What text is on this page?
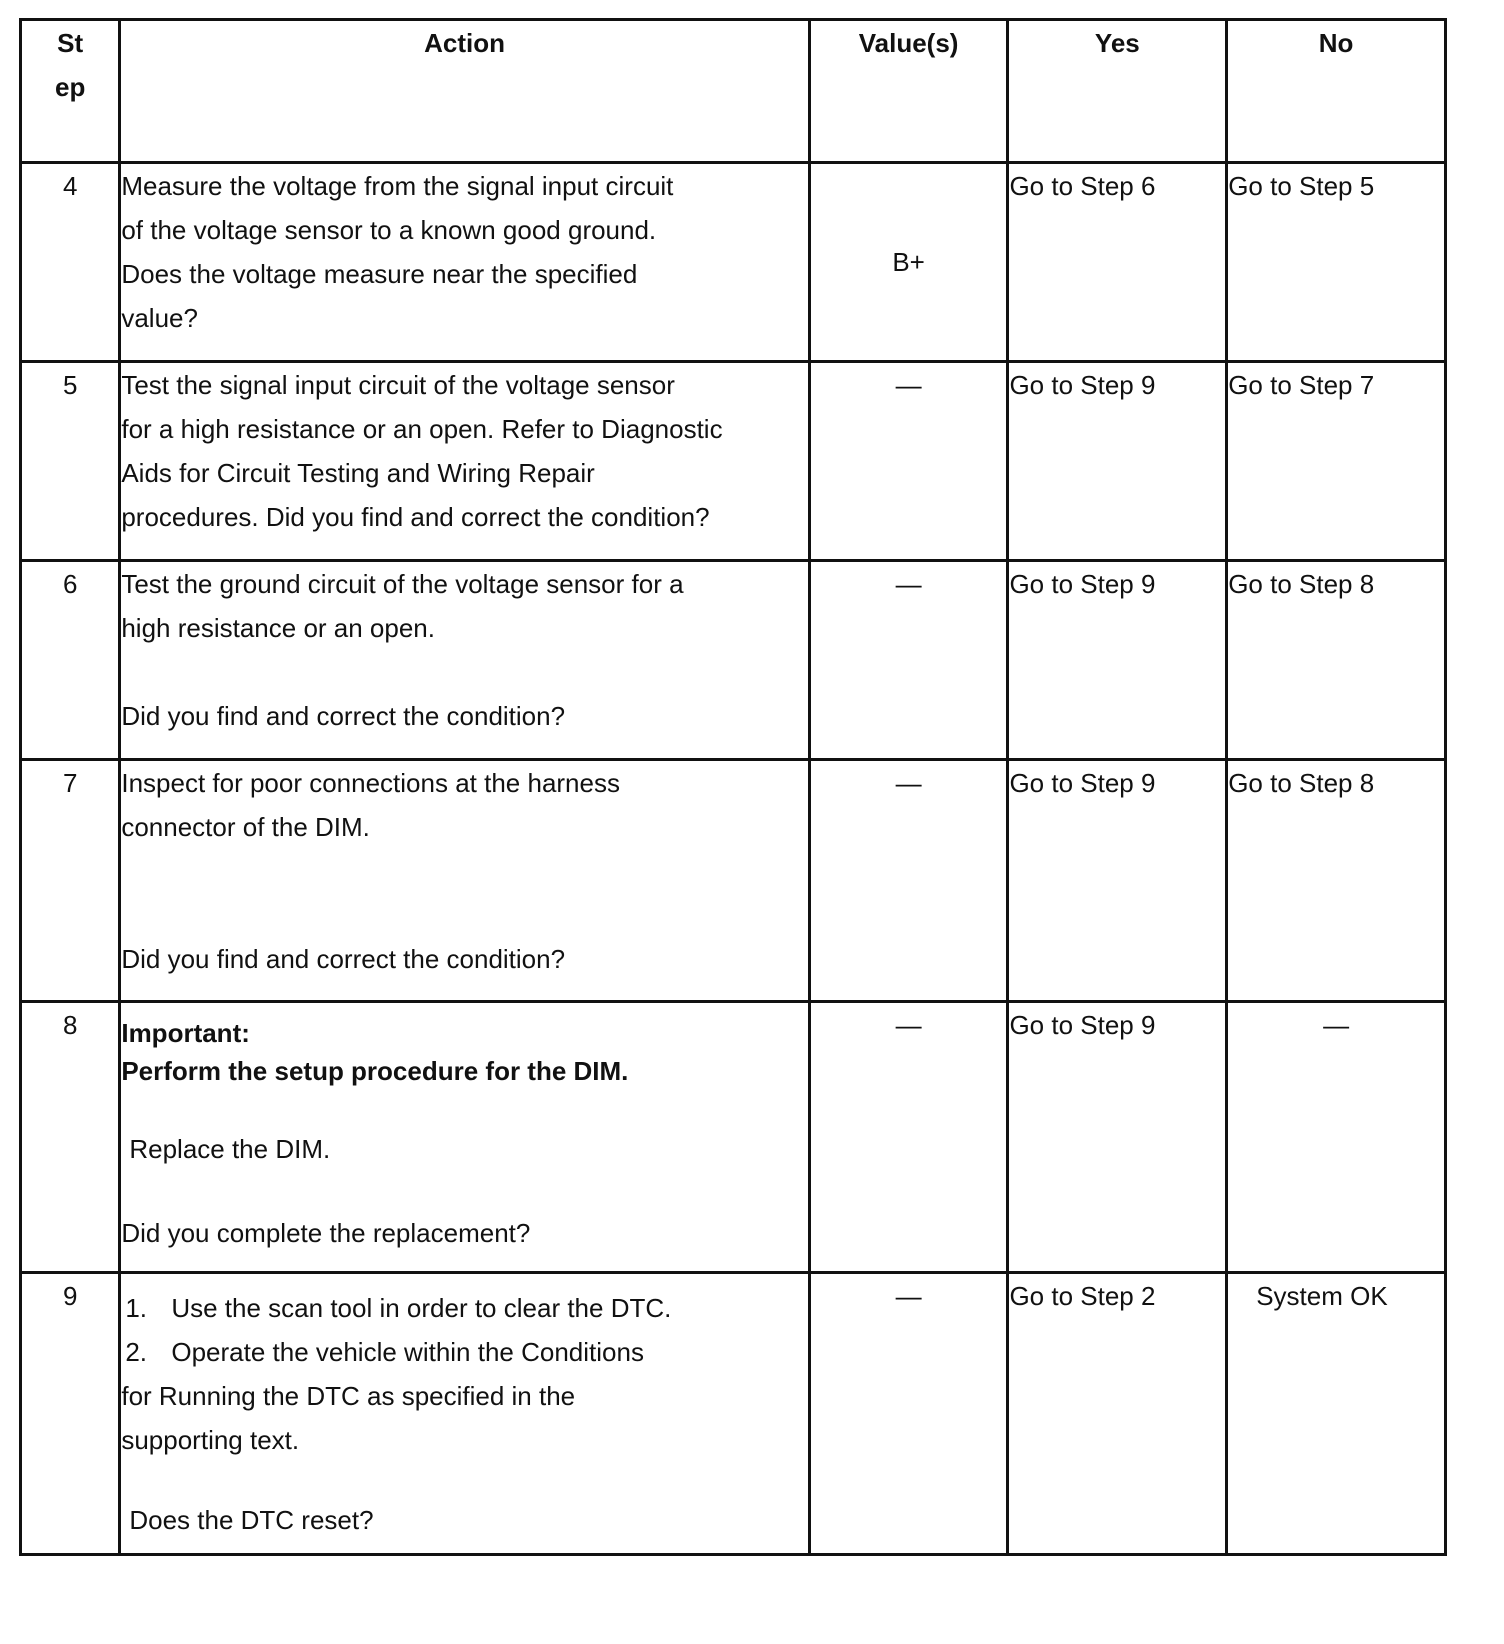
St
ep	Action	Value(s)	Yes	No
4	Measure the voltage from the signal input circuit
of the voltage sensor to a known good ground.
Does the voltage measure near the specified
value?	B+	Go to Step 6	Go to Step 5
5	Test the signal input circuit of the voltage sensor
for a high resistance or an open. Refer to Diagnostic
Aids for Circuit Testing and Wiring Repair
procedures. Did you find and correct the condition?	—	Go to Step 9	Go to Step 7
6	Test the ground circuit of the voltage sensor for a
high resistance or an open.
Did you find and correct the condition?	—	Go to Step 9	Go to Step 8
7	Inspect for poor connections at the harness
connector of the DIM.
Did you find and correct the condition?	—	Go to Step 9	Go to Step 8
8	Important:
Perform the setup procedure for the DIM.
Replace the DIM.
Did you complete the replacement?	—	Go to Step 9	—
9	1. Use the scan tool in order to clear the DTC.
2. Operate the vehicle within the Conditions
for Running the DTC as specified in the
supporting text.
Does the DTC reset?	—	Go to Step 2	System OK
